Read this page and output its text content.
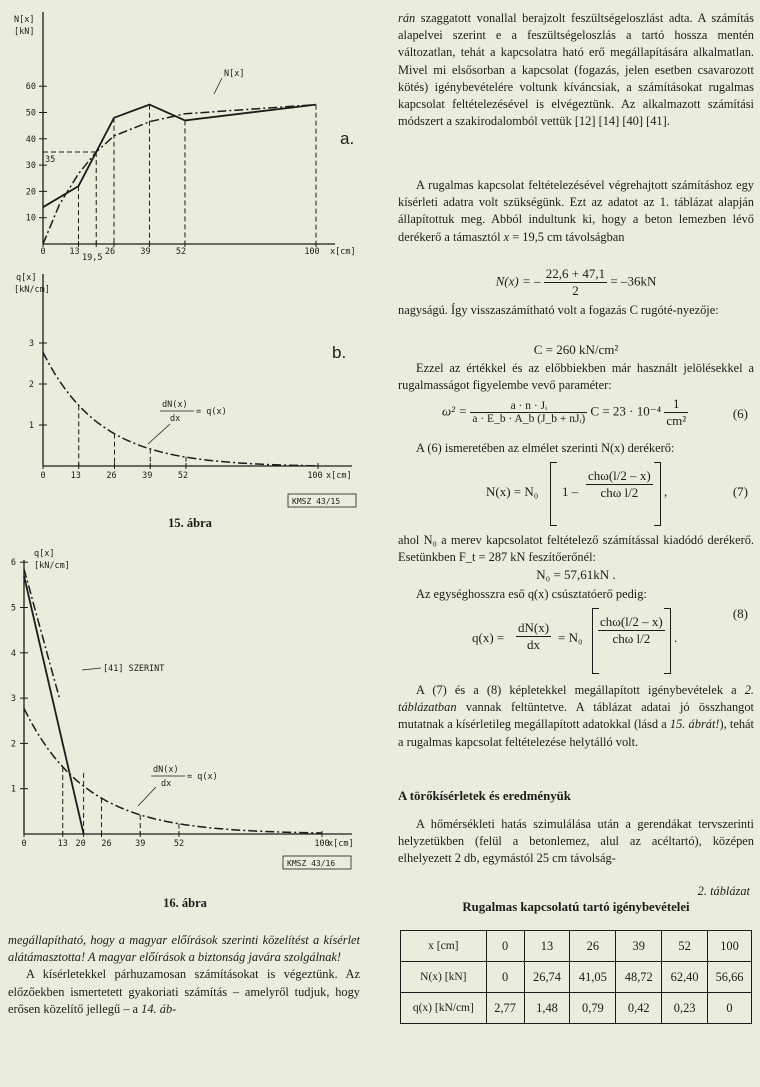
N[x]
[kN]
60
50
40
30
20
10
35
0	13
19,5
26	39	52	100 x[cm]
N[x]
a.
q[x]
[kN/cm]
3
2
1
0	13	26	39	52	100 x[cm]
b.
dN(x)
dx
= q(x)
KMSZ 43/15
15. ábra
q[x]
[kN/cm]
6
5
4
3
2
1
0	13 20 26	39	52	100
x[cm]
[41] SZERINT
dN(x)
dx
= q(x)
KMSZ 43/16
16. ábra

megállapítható, hogy a magyar előírások szerinti közelítést a kísérlet alátámasztotta! A magyar előírások a biztonság javára szolgálnak!

A kísérletekkel párhuzamosan számításokat is végeztünk. Az előzőekben ismertetett gyakoriati számítás – amelyről tudjuk, hogy erősen közelítő jellegű – a 14. áb-

rán szaggatott vonallal berajzolt feszültségeloszlást adta. A számítás alapelvei szerint e a feszültségeloszlás a tartó hossza mentén változatlan, tehát a kapcsolatra ható erő megállapítására alkalmatlan. Mivel mi elsősorban a kapcsolat (fogazás, jelen esetben csavarozott kötés) igénybevételére voltunk kíváncsiak, a számításokat rugalmas kapcsolat feltételezésével is elvégeztünk. Az alkalmazott számítási módszert a szakirodalomból vettük [12] [14] [40] [41].
A rugalmas kapcsolat feltételezésével végrehajtott számításhoz egy kísérleti adatra volt szükségünk. Ezt az adatot az 1. táblázat alapján állapítottuk meg. Abból indultunk ki, hogy a beton lemezben lévő derékerő a támasztól x = 19,5 cm távolságban
N(x) = – $\frac{22,6 + 47,1}{2} = -36kN$
nagyságú. Így visszaszámítható volt a fogazás C rugóté-nyezője:
C = 260 kN/cm²
Ezzel az értékkel és az előbbiekben már használt jelölésekkel a rugalmasságot figyelembe vevő paraméter:
$\omega^2 = \frac{\text{a · n · Jᵢ}}{\text{a · E\_b · A\_b (J\_b + nJᵢ)}}$ $C = 23 \cdot 10^{-4} \frac{1}{\text{cm²}}$	(6)
A (6) ismeretében az elmélet szerinti N(x) derékerő:
N(x) = N₀ 1 –
chω(l/2 – x)
chω l/2	,	(7)
ahol N₀ a merev kapcsolatot feltételező számítással kiadódó derékerő. Esetünkben F_t = 287 kN feszítőerőnél:
N₀ = 57,61kN .
Az egységhosszra eső q(x) csúsztatóerő pedig:
$q(x) = \frac{dN(x)}{dx} = N_0$
chω(l/2 – x)
chω l/2	.
(8)
A (7) és a (8) képletekkel megállapított igénybevételek a 2. táblázatban vannak feltüntetve. A táblázat adatai jó összhangot mutatnak a kísérletileg megállapított adatokkal (lásd a 15. ábrát!), tehát a rugalmas kapcsolat feltételezése helytálló volt.
A törőkísérletek és eredményük
A hőmérsékleti hatás szimulálása után a gerendákat tervszerinti helyzetükben (felül a betonlemez, alul az acéltartó), középen elhelyezett 2 db, egymástól 25 cm távolság-
2. táblázat
Rugalmas kapcsolatú tartó igénybevételei
x [cm]	0	13	26	39	52	100
N(x) [kN]	0	26,74	41,05	48,72	62,40	56,66
q(x) [kN/cm]	2,77	1,48	0,79	0,42	0,23	0
